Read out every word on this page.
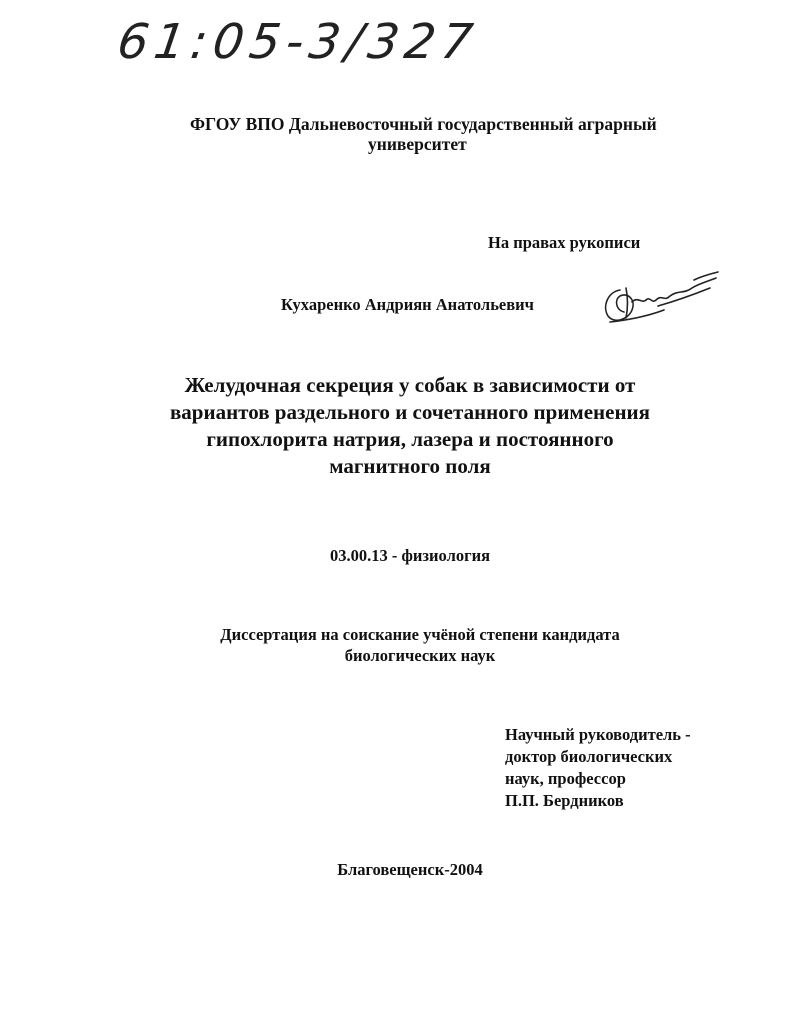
61:05-3/327
ФГОУ ВПО Дальневосточный государственный аграрный
университет
На правах рукописи
Кухаренко Андриян Анатольевич
Желудочная секреция у собак в зависимости от
вариантов раздельного и сочетанного применения
гипохлорита натрия, лазера и постоянного
магнитного поля
03.00.13 - физиология
Диссертация на соискание учёной степени кандидата
биологических наук
Научный руководитель -
доктор биологических
наук, профессор
П.П. Бердников
Благовещенск-2004
